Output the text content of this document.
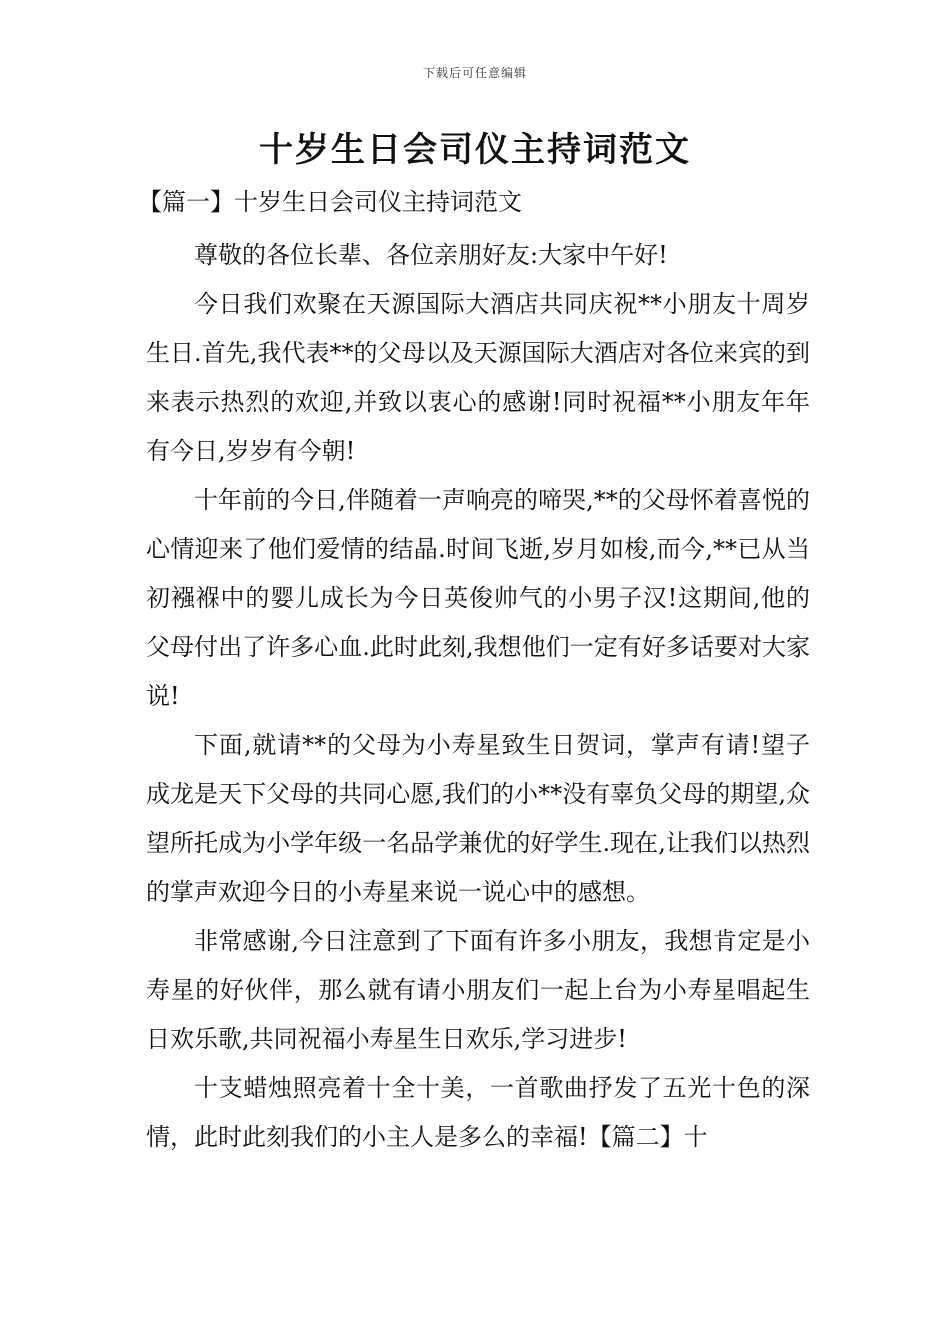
下载后可任意编辑
十岁生日会司仪主持词范文

【篇一】十岁生日会司仪主持词范文

尊敬的各位长辈、各位亲朋好友:大家中午好!

今日我们欢聚在天源国际大酒店共同庆祝**小朋友十周岁生日.首先,我代表**的父母以及天源国际大酒店对各位来宾的到来表示热烈的欢迎,并致以衷心的感谢!同时祝福**小朋友年年有今日,岁岁有今朝!

十年前的今日,伴随着一声响亮的啼哭,**的父母怀着喜悦的心情迎来了他们爱情的结晶.时间飞逝,岁月如梭,而今,**已从当初襁褓中的婴儿成长为今日英俊帅气的小男子汉!这期间,他的父母付出了许多心血.此时此刻,我想他们一定有好多话要对大家说!

下面,就请**的父母为小寿星致生日贺词，掌声有请!望子成龙是天下父母的共同心愿,我们的小**没有辜负父母的期望,众望所托成为小学年级一名品学兼优的好学生.现在,让我们以热烈的掌声欢迎今日的小寿星来说一说心中的感想。

非常感谢,今日注意到了下面有许多小朋友，我想肯定是小寿星的好伙伴，那么就有请小朋友们一起上台为小寿星唱起生日欢乐歌,共同祝福小寿星生日欢乐,学习进步!

十支蜡烛照亮着十全十美，一首歌曲抒发了五光十色的深情，此时此刻我们的小主人是多么的幸福!【篇二】十
